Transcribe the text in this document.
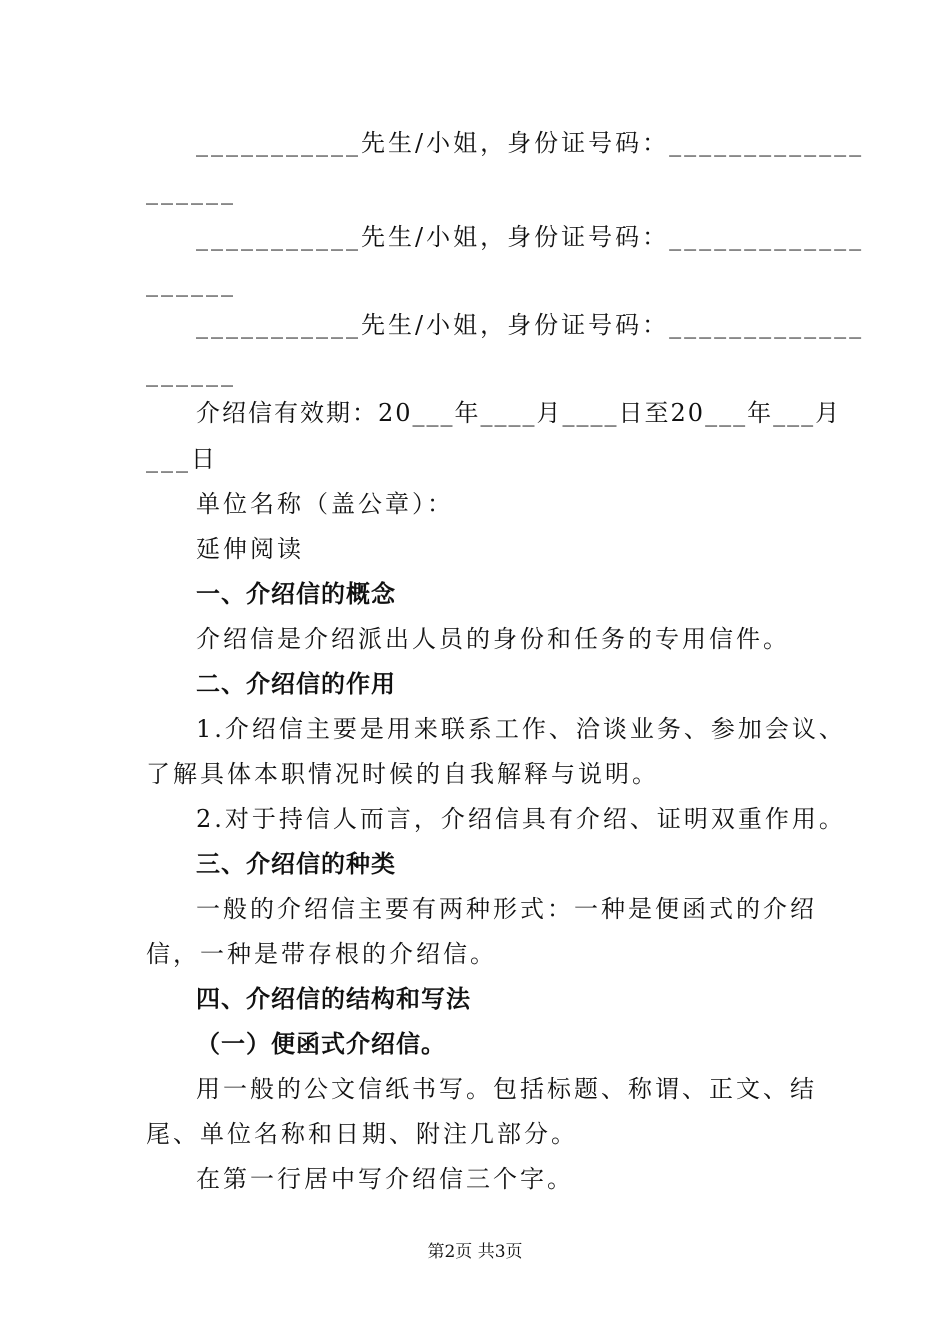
___________先生/小姐，身份证号码：_____________
______
___________先生/小姐，身份证号码：_____________
______
___________先生/小姐，身份证号码：_____________
______
介绍信有效期：20___年____月____日至20___年___月
___日
单位名称（盖公章）：
延伸阅读
一、介绍信的概念
介绍信是介绍派出人员的身份和任务的专用信件。
二、介绍信的作用
1.介绍信主要是用来联系工作、洽谈业务、参加会议、
了解具体本职情况时候的自我解释与说明。
2.对于持信人而言，介绍信具有介绍、证明双重作用。
三、介绍信的种类
一般的介绍信主要有两种形式：一种是便函式的介绍
信，一种是带存根的介绍信。
四、介绍信的结构和写法
（一）便函式介绍信。
用一般的公文信纸书写。包括标题、称谓、正文、结
尾、单位名称和日期、附注几部分。
在第一行居中写介绍信三个字。
第2页 共3页
